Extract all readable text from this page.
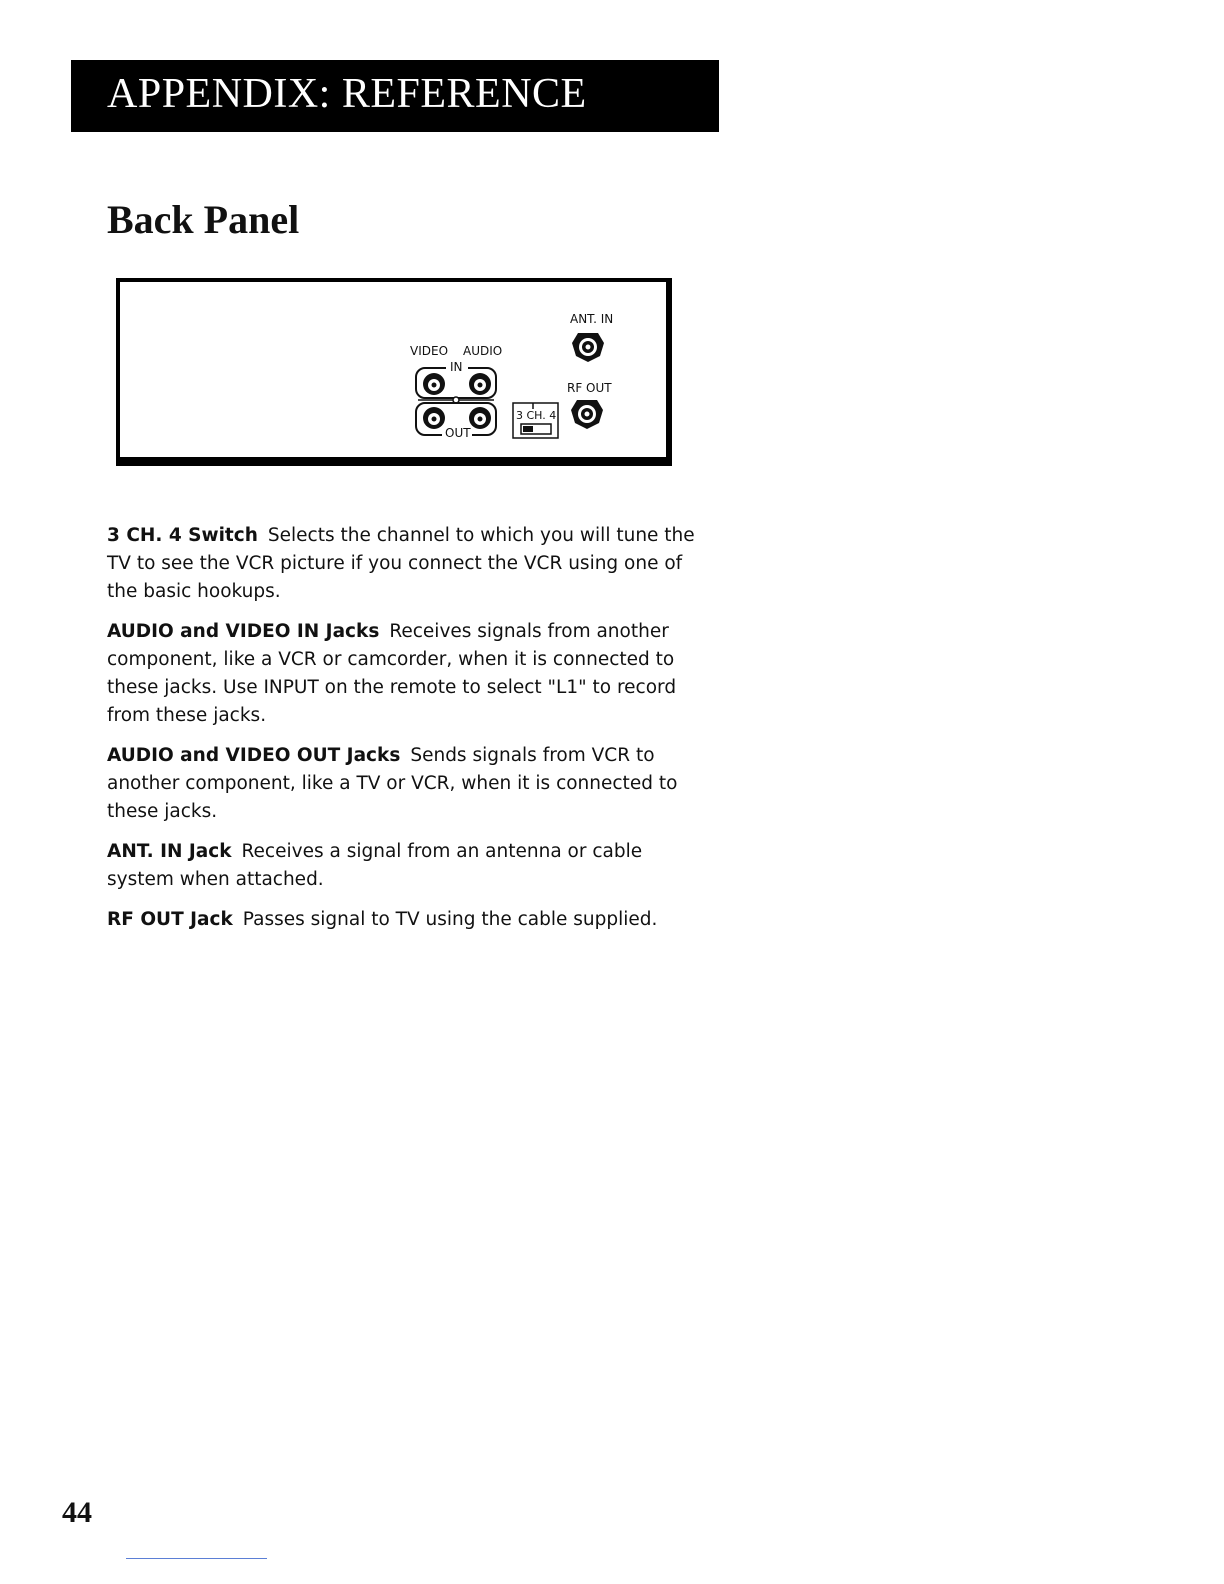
APPENDIX: REFERENCE
Back Panel
ANT. IN
VIDEO AUDIO
IN
OUT
RF OUT
3 CH. 4

3 CH. 4 Switch Selects the channel to which you will tune the TV to see the VCR picture if you connect the VCR using one of the basic hookups.

AUDIO and VIDEO IN Jacks Receives signals from another component, like a VCR or camcorder, when it is connected to these jacks. Use INPUT on the remote to select "L1" to record from these jacks.

AUDIO and VIDEO OUT Jacks Sends signals from VCR to another component, like a TV or VCR, when it is connected to these jacks.

ANT. IN Jack Receives a signal from an antenna or cable system when attached.

RF OUT Jack Passes signal to TV using the cable supplied.

44
